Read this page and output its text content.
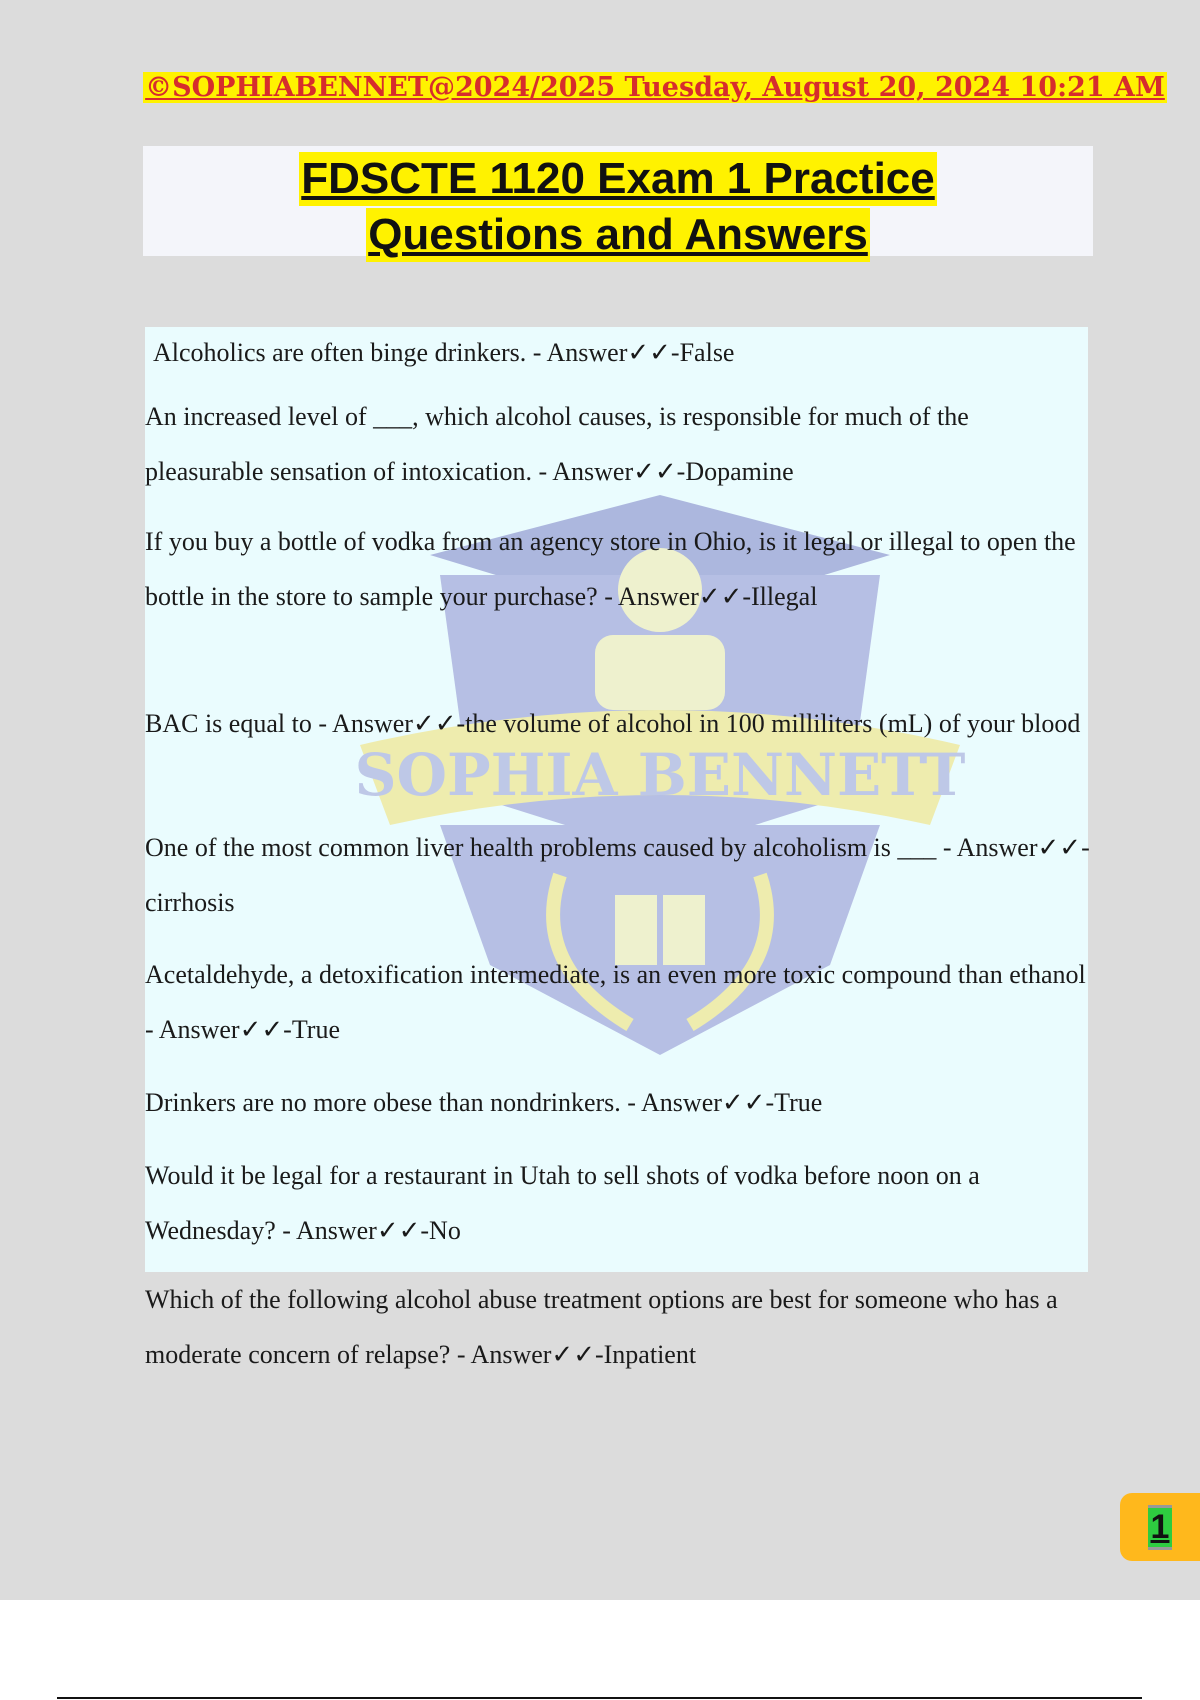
©SOPHIABENNET@2024/2025 Tuesday, August 20, 2024 10:21 AM
FDSCTE 1120 Exam 1 Practice
Questions and Answers
SOPHIA BENNETT

Alcoholics are often binge drinkers. - Answer✓✓-False

An increased level of ___, which alcohol causes, is responsible for much of the pleasurable sensation of intoxication. - Answer✓✓-Dopamine

If you buy a bottle of vodka from an agency store in Ohio, is it legal or illegal to open the bottle in the store to sample your purchase? - Answer✓✓-Illegal

BAC is equal to - Answer✓✓-the volume of alcohol in 100 milliliters (mL) of your blood

One of the most common liver health problems caused by alcoholism is ___ - Answer✓✓-cirrhosis

Acetaldehyde, a detoxification intermediate, is an even more toxic compound than ethanol - Answer✓✓-True

Drinkers are no more obese than nondrinkers. - Answer✓✓-True

Would it be legal for a restaurant in Utah to sell shots of vodka before noon on a Wednesday? - Answer✓✓-No

Which of the following alcohol abuse treatment options are best for someone who has a moderate concern of relapse? - Answer✓✓-Inpatient

1
